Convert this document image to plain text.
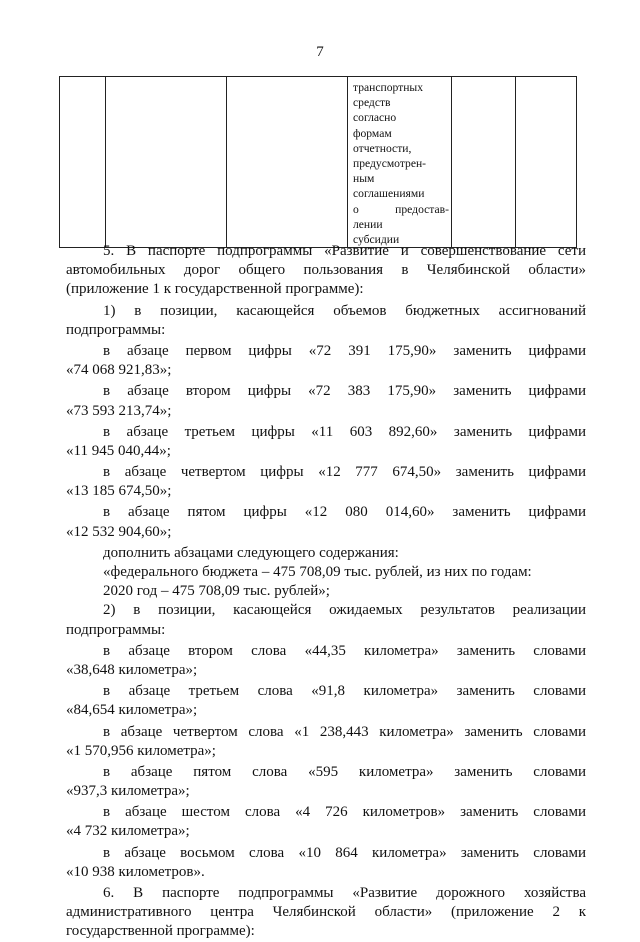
7

транспортных
средств
согласно
формам
отчетности,
предусмотрен-
ным
соглашениями
о предостав-
лении
субсидии

5. В паспорте подпрограммы «Развитие и совершенствование сети
автомобильных дорог общего пользования в Челябинской области»
(приложение 1 к государственной программе):
1) в позиции, касающейся объемов бюджетных ассигнований
подпрограммы:
в абзаце первом цифры «72 391 175,90» заменить цифрами
«74 068 921,83»;
в абзаце втором цифры «72 383 175,90» заменить цифрами
«73 593 213,74»;
в абзаце третьем цифры «11 603 892,60» заменить цифрами
«11 945 040,44»;
в абзаце четвертом цифры «12 777 674,50» заменить цифрами
«13 185 674,50»;
в абзаце пятом цифры «12 080 014,60» заменить цифрами
«12 532 904,60»;
дополнить абзацами следующего содержания:
«федерального бюджета – 475 708,09 тыс. рублей, из них по годам:
2020 год – 475 708,09 тыс. рублей»;
2) в позиции, касающейся ожидаемых результатов реализации
подпрограммы:
в абзаце втором слова «44,35 километра» заменить словами
«38,648 километра»;
в абзаце третьем слова «91,8 километра» заменить словами
«84,654 километра»;
в абзаце четвертом слова «1 238,443 километра» заменить словами
«1 570,956 километра»;
в абзаце пятом слова «595 километра» заменить словами
«937,3 километра»;
в абзаце шестом слова «4 726 километров» заменить словами
«4 732 километра»;
в абзаце восьмом слова «10 864 километра» заменить словами
«10 938 километров».
6. В паспорте подпрограммы «Развитие дорожного хозяйства
административного центра Челябинской области» (приложение 2 к
государственной программе):
